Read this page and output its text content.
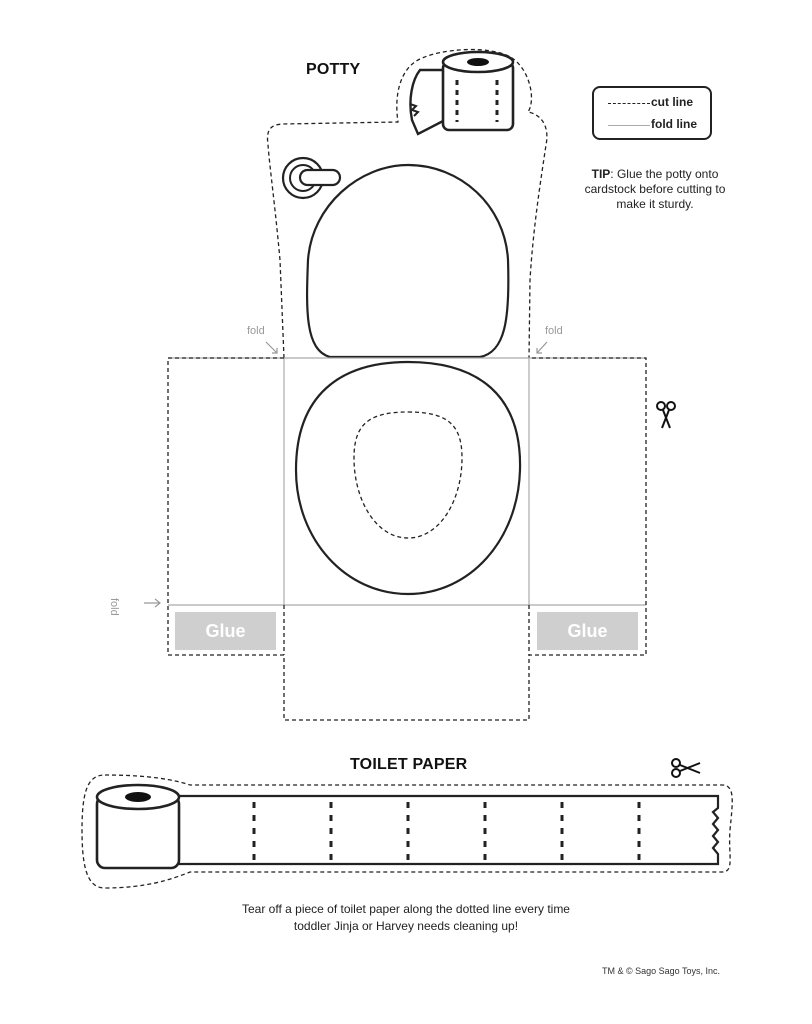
POTTY
cut line
fold line
TIP: Glue the potty onto cardstock before cutting to make it sturdy.
fold	fold
fold
Glue	Glue
TOILET PAPER
Tear off a piece of toilet paper along the dotted line every time toddler Jinja or Harvey needs cleaning up!
TM & © Sago Sago Toys, Inc.
